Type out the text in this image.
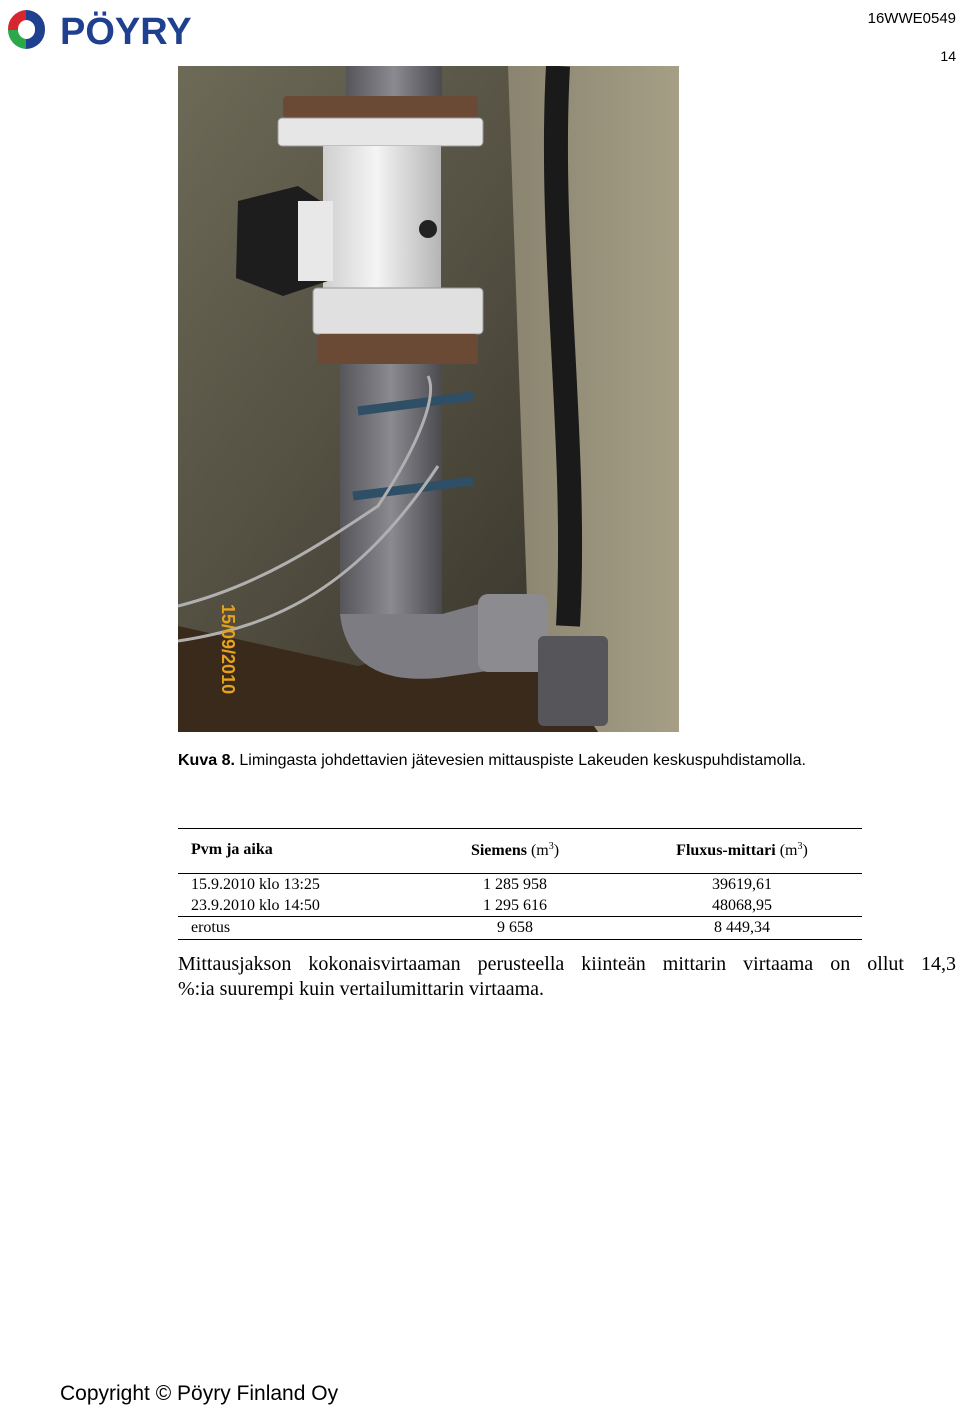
PÖYRY	16WWE0549
14
15/09/2010
Kuva 8. Limingasta johdettavien jätevesien mittauspiste Lakeuden keskuspuhdistamolla.
Pvm ja aika	Siemens $(m^3)$	Fluxus-mittari $(m^3)$
15.9.2010 klo 13:25	1 285 958	39619,61
23.9.2010 klo 14:50	1 295 616	48068,95
erotus	9 658	8 449,34
Mittausjakson kokonaisvirtaaman perusteella kiinteän mittarin virtaama on ollut 14,3
%:ia suurempi kuin vertailumittarin virtaama.
Copyright © Pöyry Finland Oy
